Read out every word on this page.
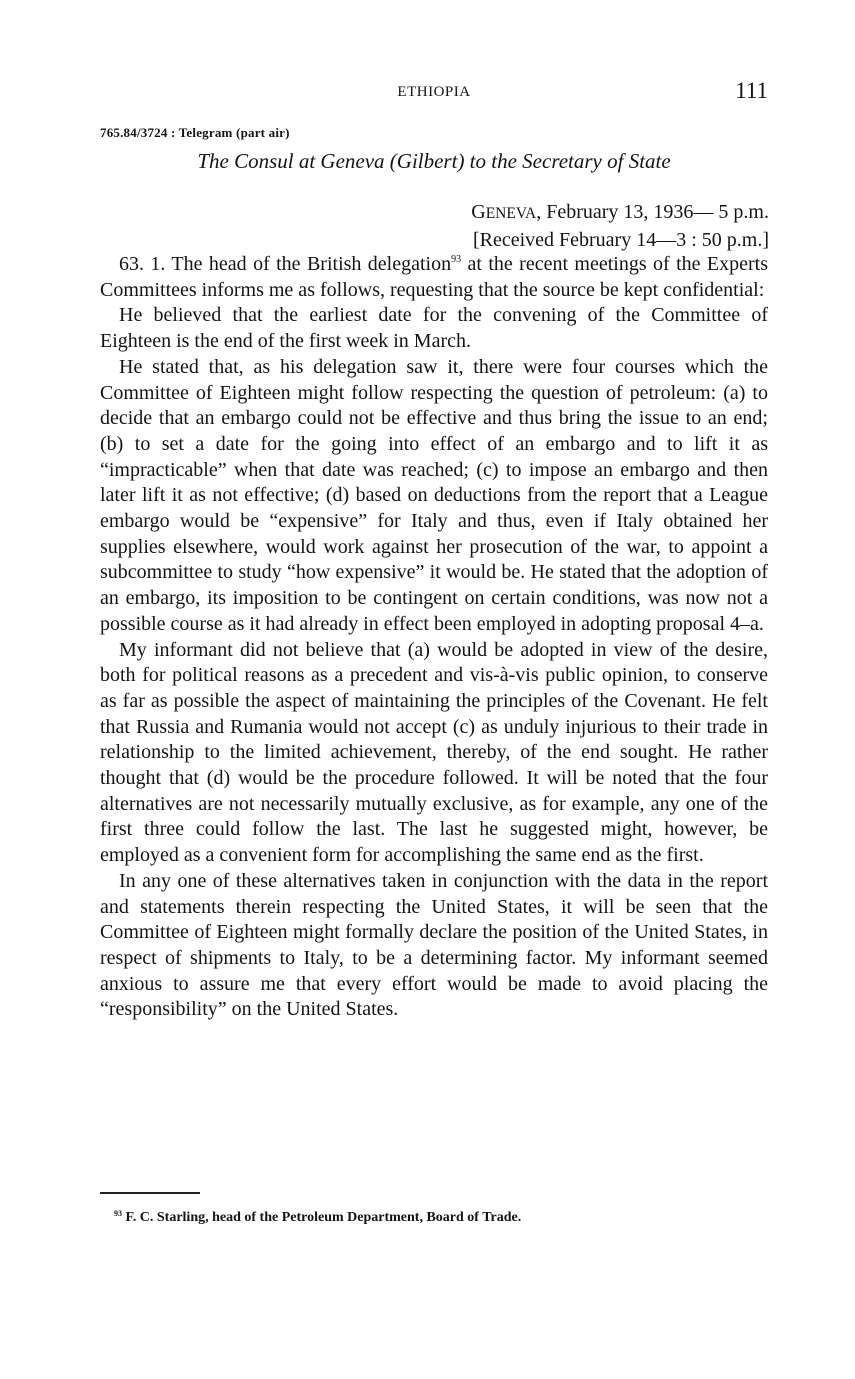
ETHIOPIA	111
765.84/3724 : Telegram (part air)
The Consul at Geneva (Gilbert) to the Secretary of State
GENEVA, February 13, 1936— 5 p.m.
[Received February 14—3 : 50 p.m.]

63. 1. The head of the British delegation$^{93}$ at the recent meetings of the Experts Committees informs me as follows, requesting that the source be kept confidential:

He believed that the earliest date for the convening of the Committee of Eighteen is the end of the first week in March.

He stated that, as his delegation saw it, there were four courses which the Committee of Eighteen might follow respecting the question of petroleum: (a) to decide that an embargo could not be effective and thus bring the issue to an end; (b) to set a date for the going into effect of an embargo and to lift it as “impracticable” when that date was reached; (c) to impose an embargo and then later lift it as not effective; (d) based on deductions from the report that a League embargo would be “expensive” for Italy and thus, even if Italy obtained her supplies elsewhere, would work against her prosecution of the war, to appoint a subcommittee to study “how expensive” it would be. He stated that the adoption of an embargo, its imposition to be contingent on certain conditions, was now not a possible course as it had already in effect been employed in adopting proposal 4–a.

My informant did not believe that (a) would be adopted in view of the desire, both for political reasons as a precedent and vis-à-vis public opinion, to conserve as far as possible the aspect of maintaining the principles of the Covenant. He felt that Russia and Rumania would not accept (c) as unduly injurious to their trade in relationship to the limited achievement, thereby, of the end sought. He rather thought that (d) would be the procedure followed. It will be noted that the four alternatives are not necessarily mutually exclusive, as for example, any one of the first three could follow the last. The last he suggested might, however, be employed as a convenient form for accomplishing the same end as the first.

In any one of these alternatives taken in conjunction with the data in the report and statements therein respecting the United States, it will be seen that the Committee of Eighteen might formally declare the position of the United States, in respect of shipments to Italy, to be a determining factor. My informant seemed anxious to assure me that every effort would be made to avoid placing the “responsibility” on the United States.

$^{93}$ F. C. Starling, head of the Petroleum Department, Board of Trade.
